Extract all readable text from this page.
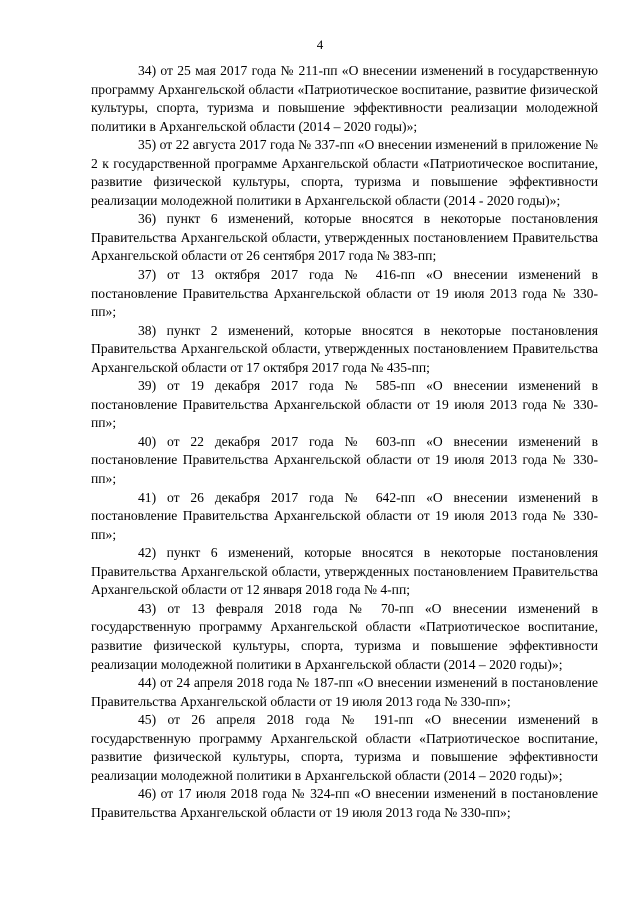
4

34) от 25 мая 2017 года № 211-пп «О внесении изменений в государственную программу Архангельской области «Патриотическое воспитание, развитие физической культуры, спорта, туризма и повышение эффективности реализации молодежной политики в Архангельской области (2014 – 2020 годы)»;

35) от 22 августа 2017 года № 337-пп «О внесении изменений в приложение № 2 к государственной программе Архангельской области «Патриотическое воспитание, развитие физической культуры, спорта, туризма и повышение эффективности реализации молодежной политики в Архангельской области (2014 - 2020 годы)»;

36) пункт 6 изменений, которые вносятся в некоторые постановления Правительства Архангельской области, утвержденных постановлением Правительства Архангельской области от 26 сентября 2017 года № 383-пп;

37) от 13 октября 2017 года № 416-пп «О внесении изменений в постановление Правительства Архангельской области от 19 июля 2013 года № 330-пп»;

38) пункт 2 изменений, которые вносятся в некоторые постановления Правительства Архангельской области, утвержденных постановлением Правительства Архангельской области от 17 октября 2017 года № 435-пп;

39) от 19 декабря 2017 года № 585-пп «О внесении изменений в постановление Правительства Архангельской области от 19 июля 2013 года № 330-пп»;

40) от 22 декабря 2017 года № 603-пп «О внесении изменений в постановление Правительства Архангельской области от 19 июля 2013 года № 330-пп»;

41) от 26 декабря 2017 года № 642-пп «О внесении изменений в постановление Правительства Архангельской области от 19 июля 2013 года № 330-пп»;

42) пункт 6 изменений, которые вносятся в некоторые постановления Правительства Архангельской области, утвержденных постановлением Правительства Архангельской области от 12 января 2018 года № 4-пп;

43) от 13 февраля 2018 года № 70-пп «О внесении изменений в государственную программу Архангельской области «Патриотическое воспитание, развитие физической культуры, спорта, туризма и повышение эффективности реализации молодежной политики в Архангельской области (2014 – 2020 годы)»;

44) от 24 апреля 2018 года № 187-пп «О внесении изменений в постановление Правительства Архангельской области от 19 июля 2013 года № 330-пп»;

45) от 26 апреля 2018 года № 191-пп «О внесении изменений в государственную программу Архангельской области «Патриотическое воспитание, развитие физической культуры, спорта, туризма и повышение эффективности реализации молодежной политики в Архангельской области (2014 – 2020 годы)»;

46) от 17 июля 2018 года № 324-пп «О внесении изменений в постановление Правительства Архангельской области от 19 июля 2013 года № 330-пп»;
